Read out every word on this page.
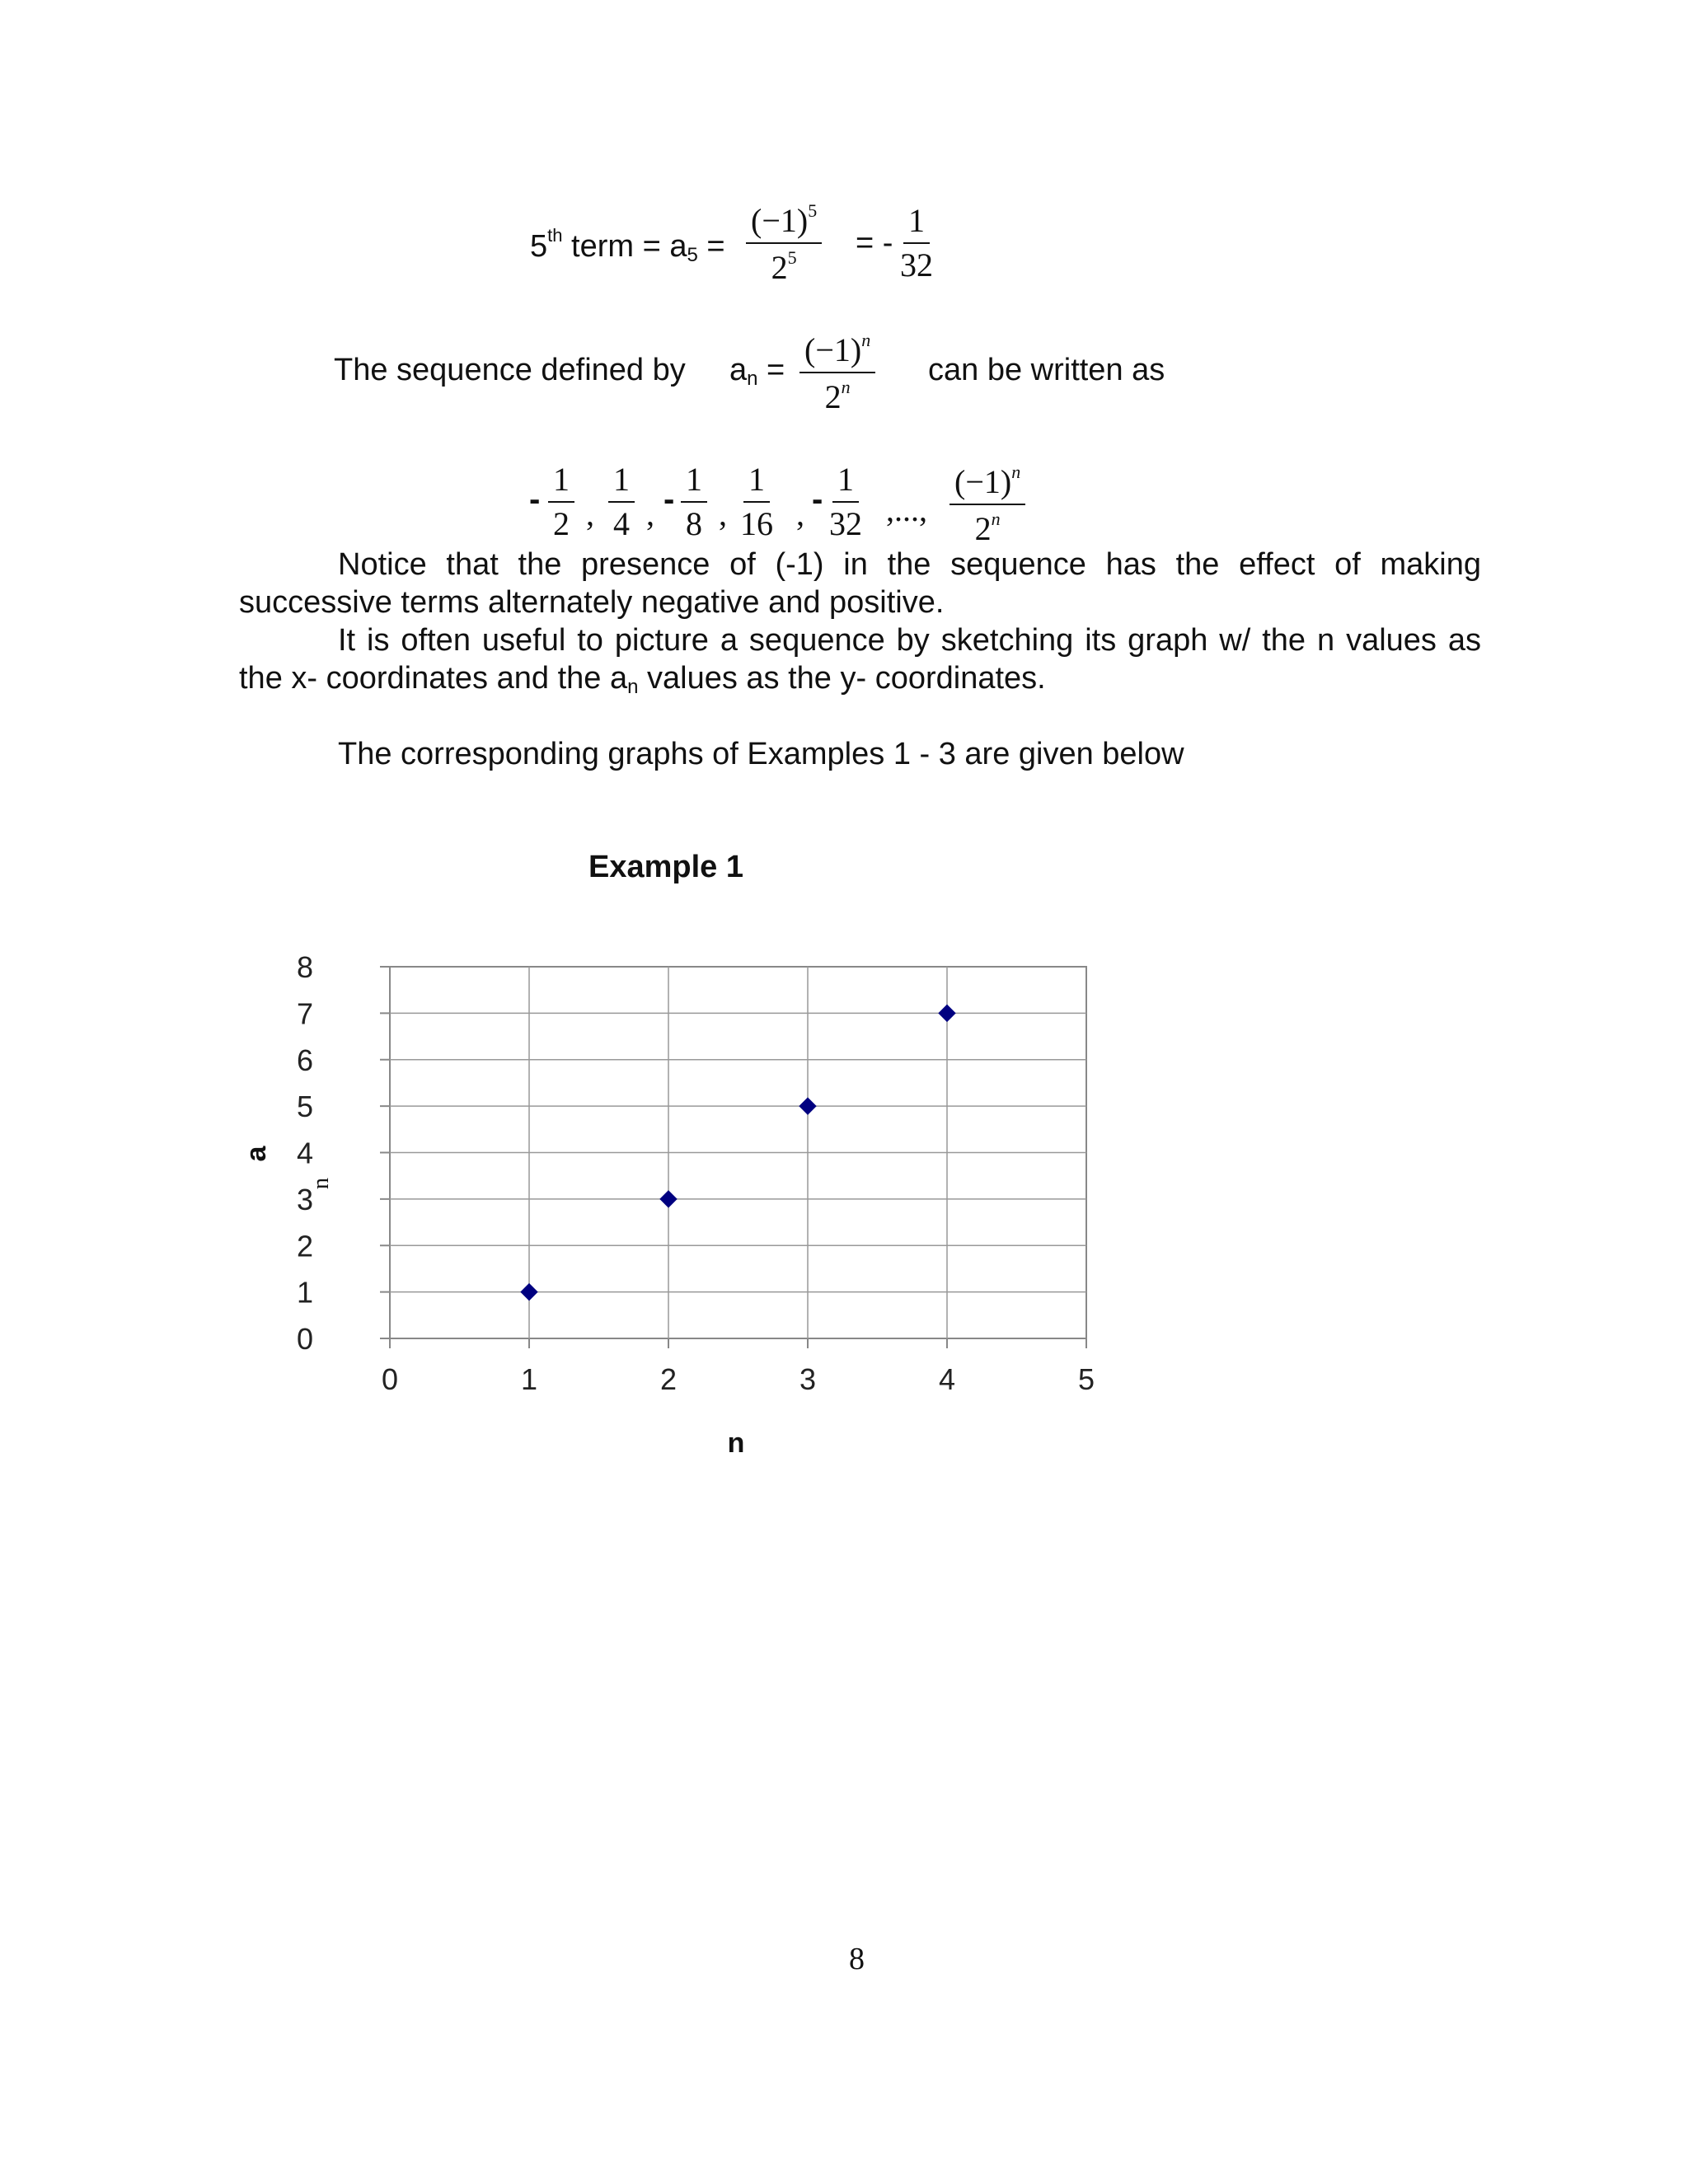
5th term = $a_5 = \frac{(-1)^5}{2^5}$ = - $\frac{1}{32}$
The sequence defined by $a_n = \frac{(-1)^n}{2^n}$ can be written as
- $\frac{1}{2}$ , $\frac{1}{4}$ , - $\frac{1}{8}$ , $\frac{1}{16}$ , - $\frac{1}{32}$ ,..., $\frac{(-1)^n}{2^n}$
Notice that the presence of (-1) in the sequence has the effect of making successive terms alternately negative and positive.
It is often useful to picture a sequence by sketching its graph w/ the n values as the x- coordinates and the $a_n$ values as the y- coordinates.
The corresponding graphs of Examples 1 - 3 are given below
Example 1
0
1
2
3
4
5
6
7
8
0	1	2	3	4	5
n
a
n
8
